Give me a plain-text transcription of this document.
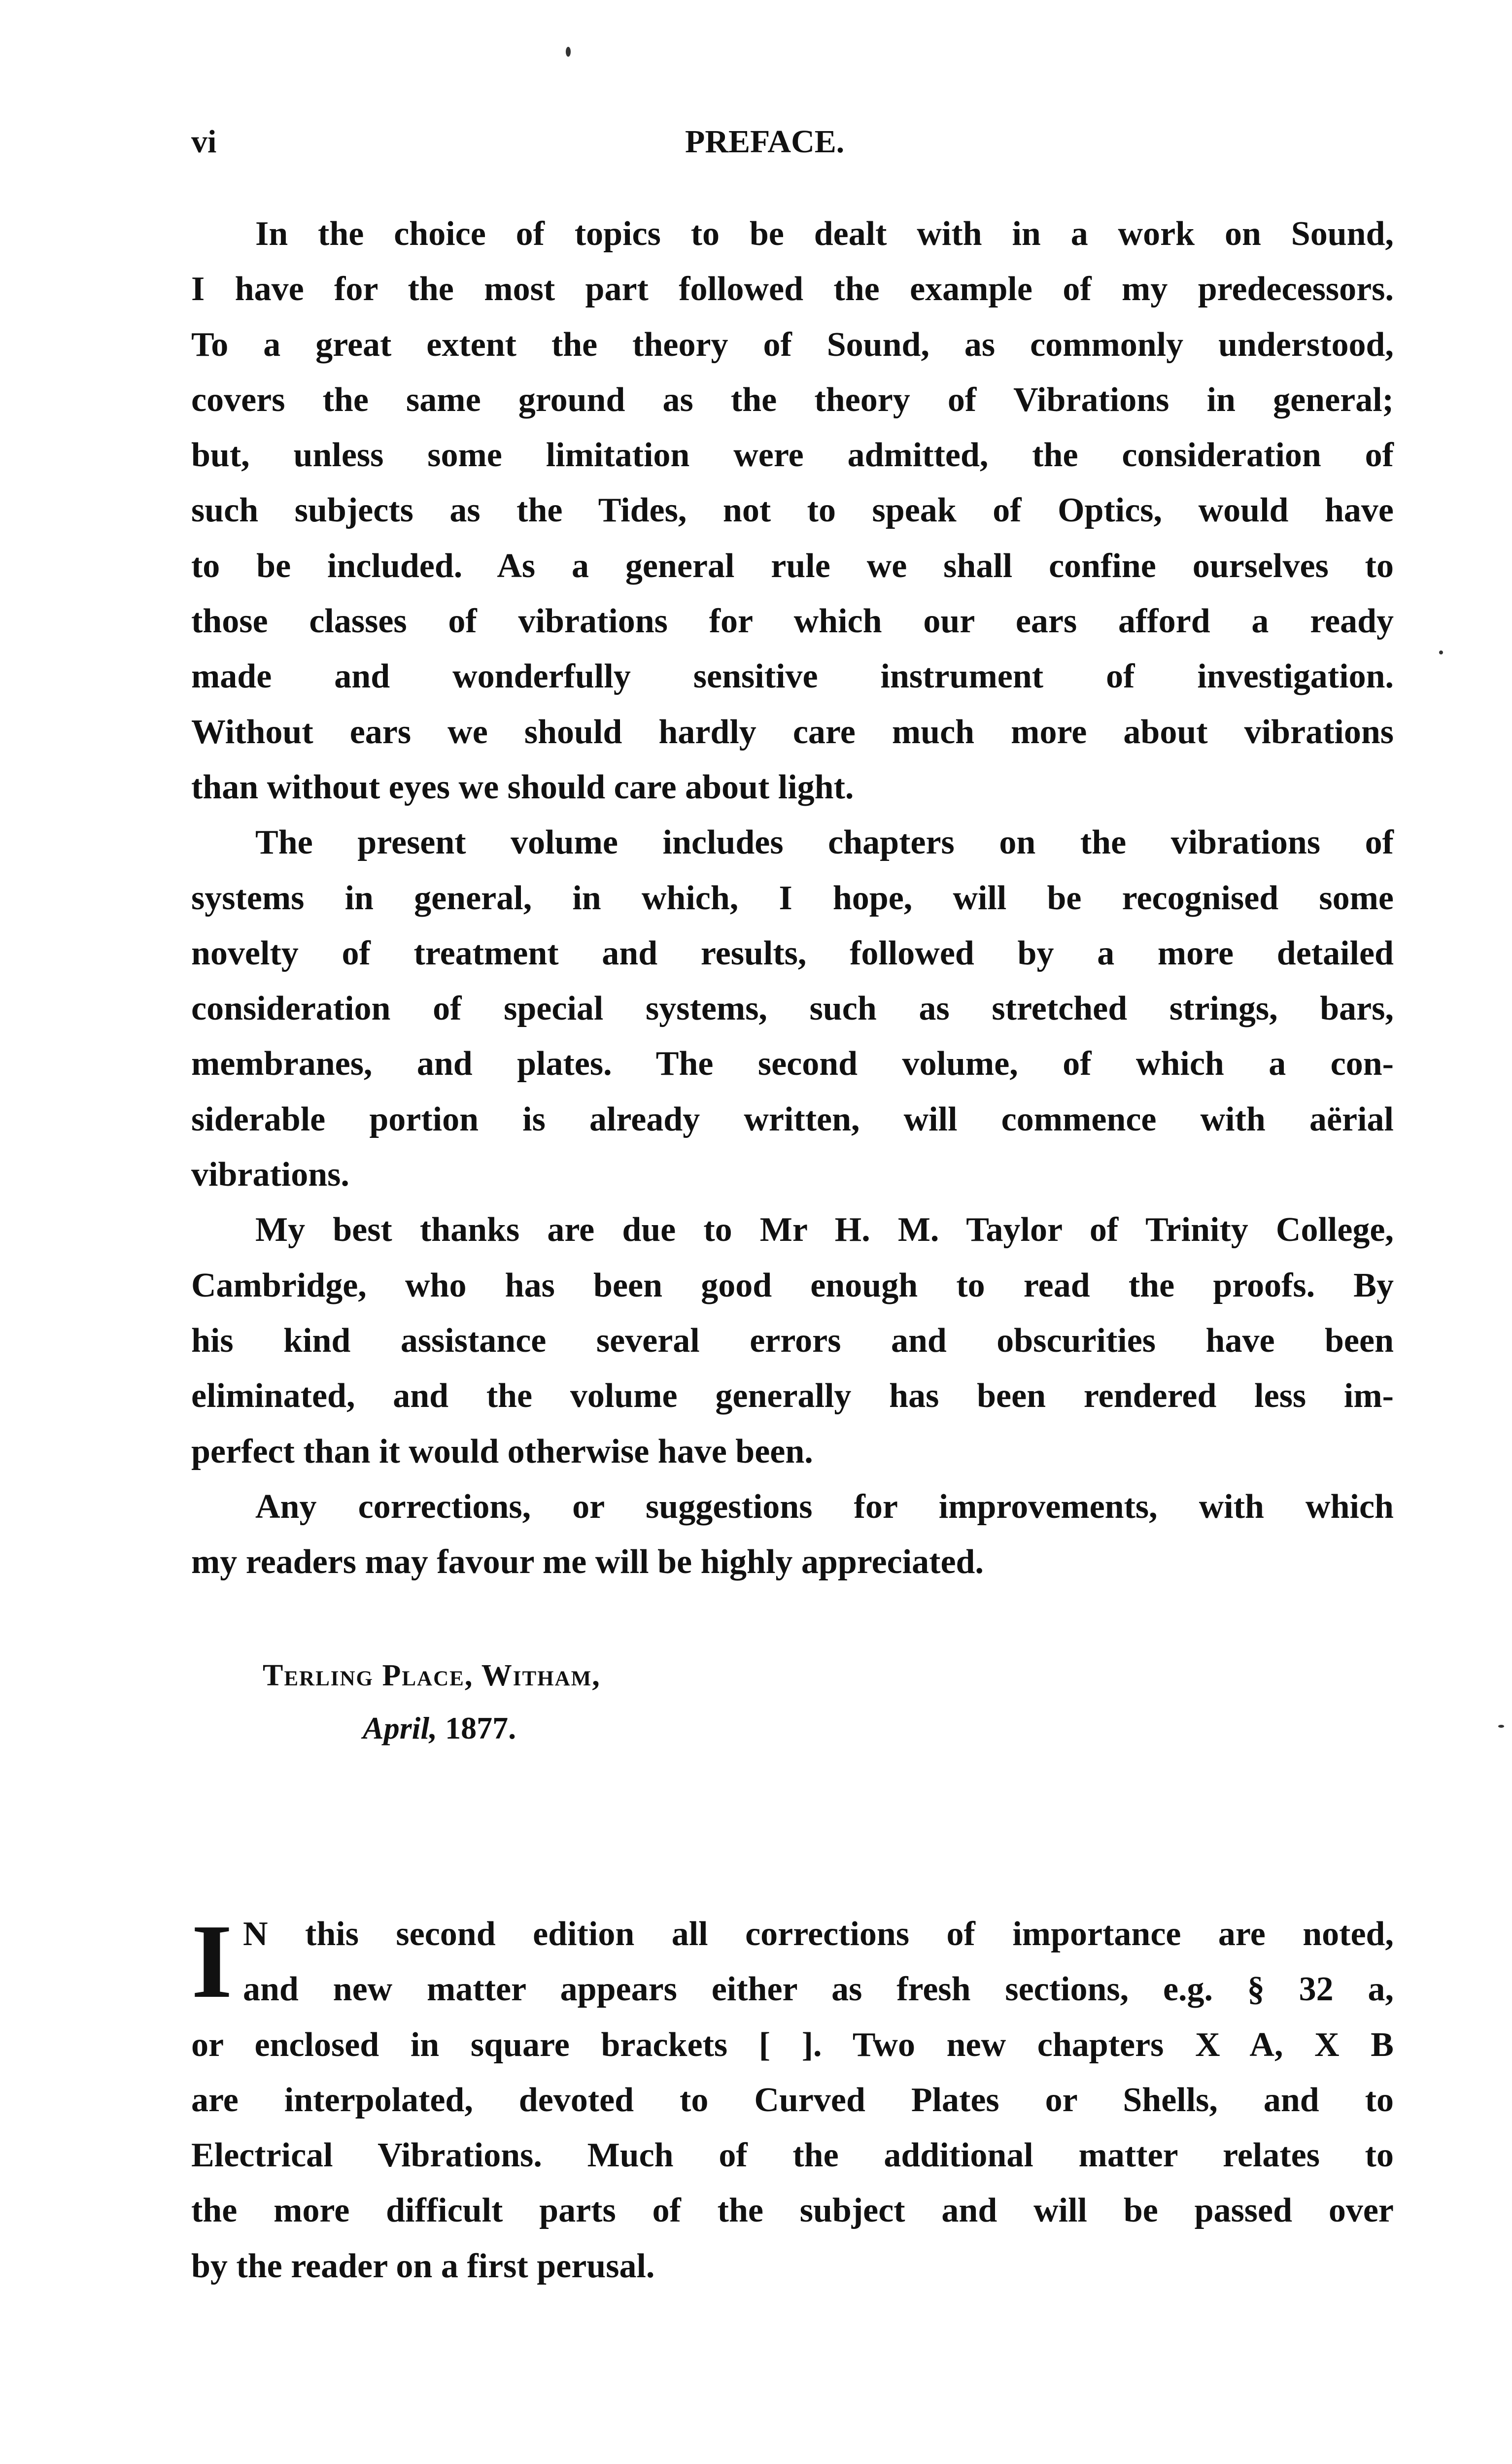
vi	PREFACE.
In the choice of topics to be dealt with in a work on Sound,
I have for the most part followed the example of my predecessors.
To a great extent the theory of Sound, as commonly understood,
covers the same ground as the theory of Vibrations in general;
but, unless some limitation were admitted, the consideration of
such subjects as the Tides, not to speak of Optics, would have
to be included. As a general rule we shall confine ourselves to
those classes of vibrations for which our ears afford a ready
made and wonderfully sensitive instrument of investigation.
Without ears we should hardly care much more about vibrations
than without eyes we should care about light.
The present volume includes chapters on the vibrations of
systems in general, in which, I hope, will be recognised some
novelty of treatment and results, followed by a more detailed
consideration of special systems, such as stretched strings, bars,
membranes, and plates. The second volume, of which a con-
siderable portion is already written, will commence with aërial
vibrations.
My best thanks are due to Mr H. M. Taylor of Trinity College,
Cambridge, who has been good enough to read the proofs. By
his kind assistance several errors and obscurities have been
eliminated, and the volume generally has been rendered less im-
perfect than it would otherwise have been.
Any corrections, or suggestions for improvements, with which
my readers may favour me will be highly appreciated.
Terling Place, Witham,
April, 1877.
I N this second edition all corrections of importance are noted,
and new matter appears either as fresh sections, e.g. § 32 a,
or enclosed in square brackets [ ]. Two new chapters X A, X B
are interpolated, devoted to Curved Plates or Shells, and to
Electrical Vibrations. Much of the additional matter relates to
the more difficult parts of the subject and will be passed over
by the reader on a first perusal.
